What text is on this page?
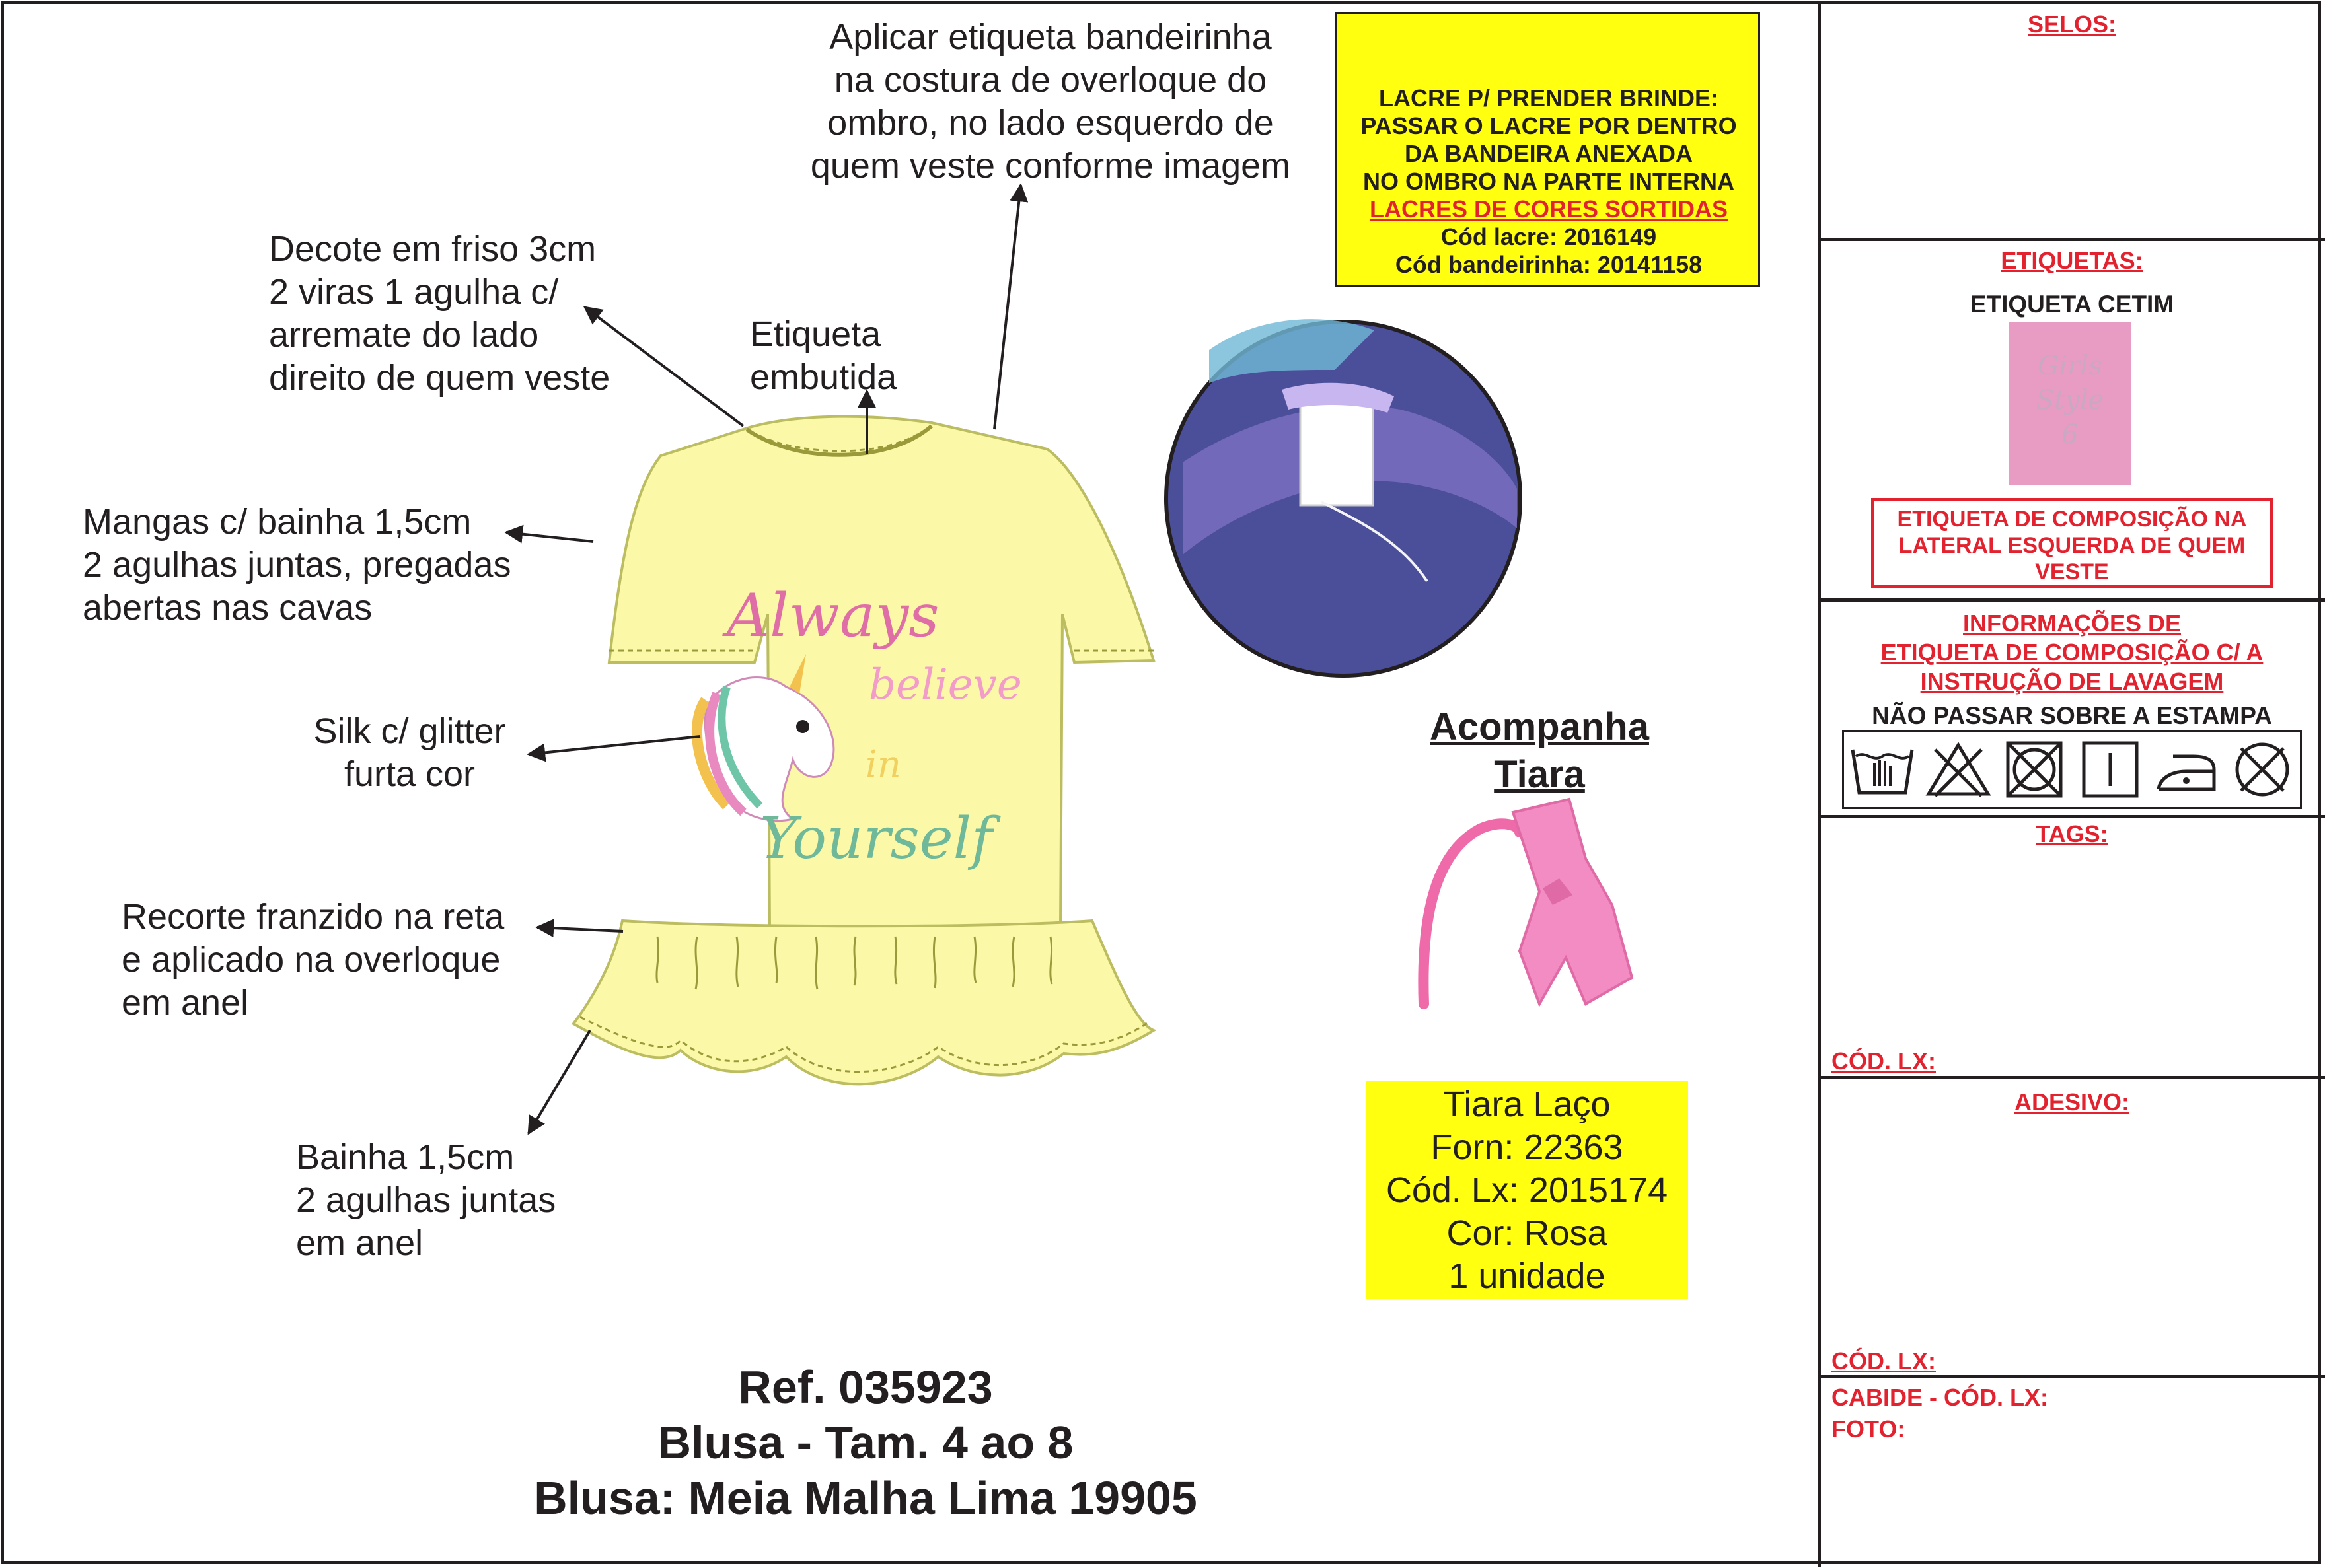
Always
believe
in
Yourself
Aplicar etiqueta bandeirinha
na costura de overloque do
ombro, no lado esquerdo de
quem veste conforme imagem
Decote em friso 3cm
2 viras 1 agulha c/
arremate do lado
direito de quem veste
Etiqueta
embutida
Mangas c/ bainha 1,5cm
2 agulhas juntas, pregadas
abertas nas cavas
Silk c/ glitter
furta cor
Recorte franzido na reta
e aplicado na overloque
em anel
Bainha 1,5cm
2 agulhas juntas
em anel
LACRE P/ PRENDER BRINDE:
PASSAR O LACRE POR DENTRO
DA BANDEIRA ANEXADA
NO OMBRO NA PARTE INTERNA
LACRES DE CORES SORTIDAS
Cód lacre: 2016149
Cód bandeirinha: 20141158
Acompanha
Tiara
Tiara Laço
Forn: 22363
Cód. Lx: 2015174
Cor: Rosa
1 unidade
Ref. 035923
Blusa - Tam. 4 ao 8
Blusa: Meia Malha Lima 19905
SELOS:
ETIQUETAS:
ETIQUETA CETIM
Girls
Style
6
ETIQUETA DE COMPOSIÇÃO NA
LATERAL ESQUERDA DE QUEM
VESTE
INFORMAÇÕES DE
ETIQUETA DE COMPOSIÇÃO C/ A
INSTRUÇÃO DE LAVAGEM
NÃO PASSAR SOBRE A ESTAMPA
TAGS:
CÓD. LX:
ADESIVO:
CÓD. LX:
CABIDE - CÓD. LX:
FOTO:
